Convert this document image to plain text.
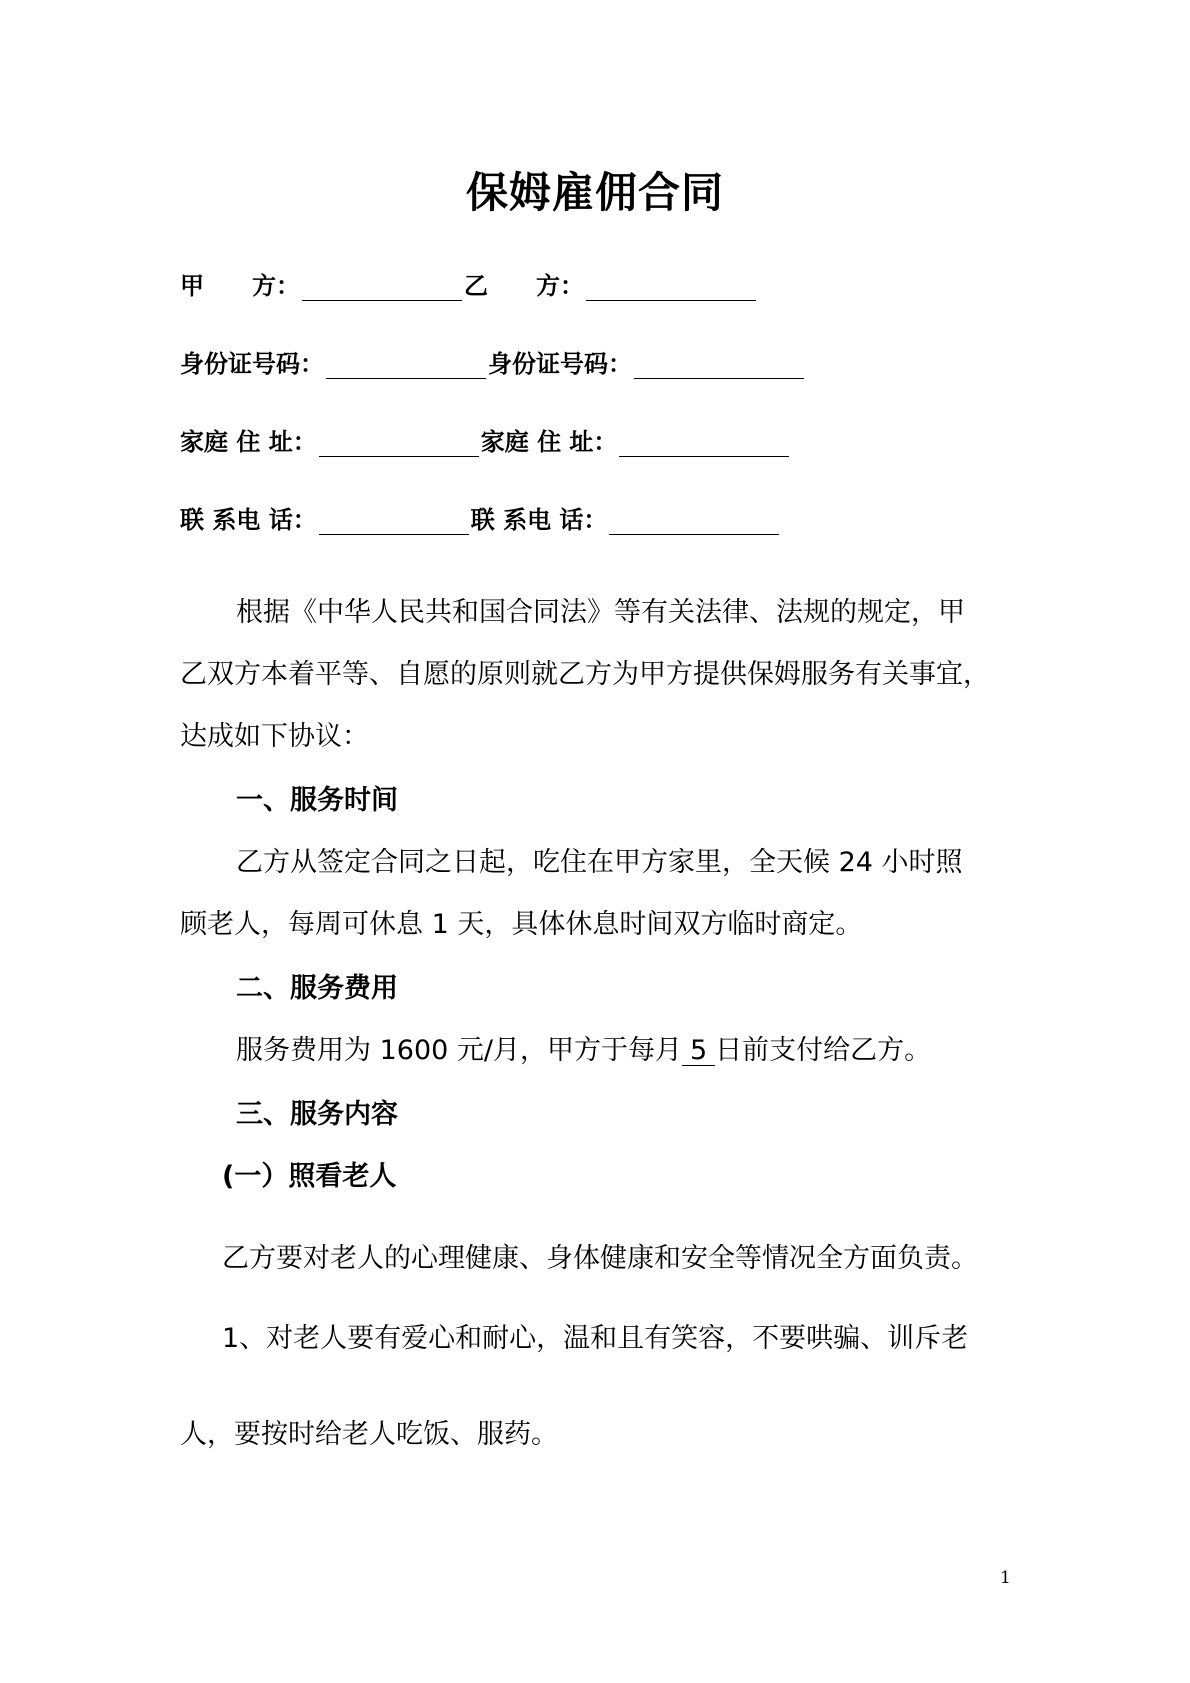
保姆雇佣合同
甲　　方：	乙　　方：
身份证号码：	身份证号码：
家庭 住 址：	家庭 住 址：
联 系电 话：	联 系电 话：
根据《中华人民共和国合同法》等有关法律、法规的规定，甲
乙双方本着平等、自愿的原则就乙方为甲方提供保姆服务有关事宜，
达成如下协议：
一、服务时间
乙方从签定合同之日起，吃住在甲方家里，全天候 24 小时照
顾老人，每周可休息 1 天，具体休息时间双方临时商定。
二、服务费用
服务费用为 1600 元/月，甲方于每月 5 日前支付给乙方。
三、服务内容
(一）照看老人
乙方要对老人的心理健康、身体健康和安全等情况全方面负责。
1、对老人要有爱心和耐心，温和且有笑容，不要哄骗、训斥老
人，要按时给老人吃饭、服药。
1
